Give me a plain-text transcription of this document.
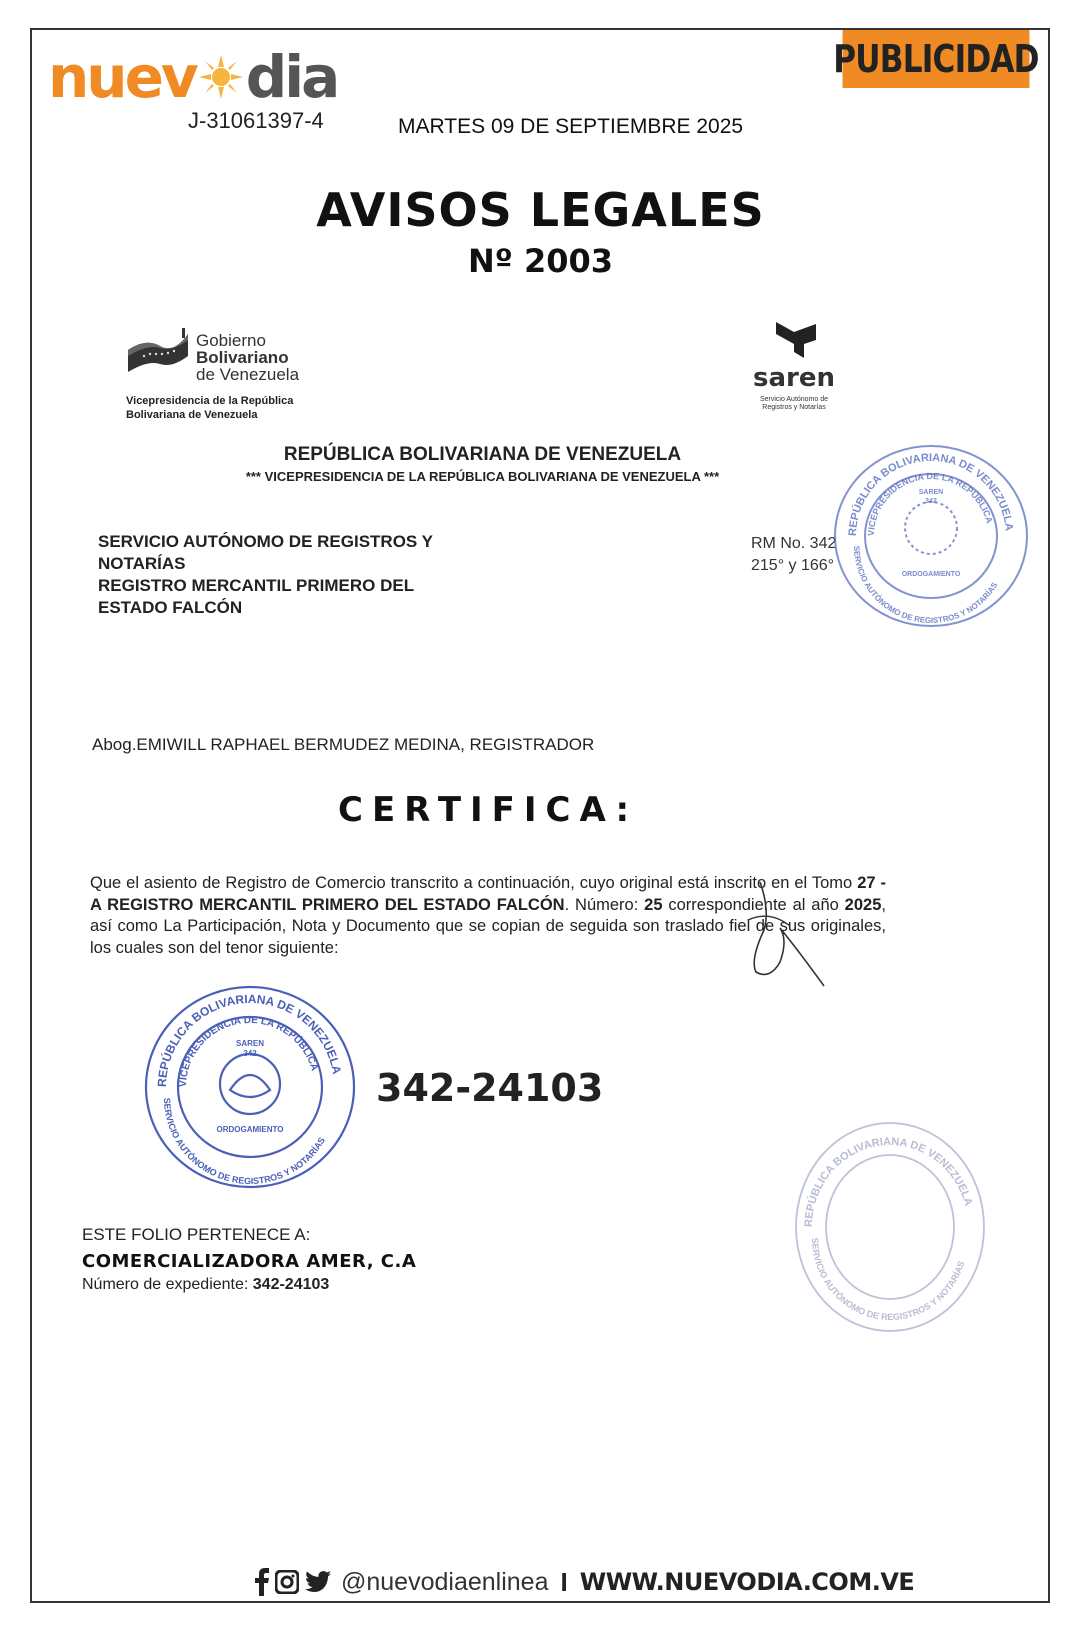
PUBLICIDAD
nuev dia
J-31061397-4	MARTES 09 DE SEPTIEMBRE 2025
AVISOS LEGALES
Nº 2003
Gobierno
Bolivariano
de Venezuela
Vicepresidencia de la República
Bolivariana de Venezuela
saren
Servicio Autónomo de
Registros y Notarías
REPÚBLICA BOLIVARIANA DE VENEZUELA
*** VICEPRESIDENCIA DE LA REPÚBLICA BOLIVARIANA DE VENEZUELA ***
SERVICIO AUTÓNOMO DE REGISTROS Y
NOTARÍAS
REGISTRO MERCANTIL PRIMERO DEL
ESTADO FALCÓN
RM No. 342
215° y 166°
REPÚBLICA BOLIVARIANA DE VENEZUELA
VICEPRESIDENCIA DE LA REPÚBLICA
SERVICIO AUTÓNOMO DE REGISTROS Y NOTARÍAS
SAREN
342
ORDOGAMIENTO
Abog.EMIWILL RAPHAEL BERMUDEZ MEDINA, REGISTRADOR
CERTIFICA:
Que el asiento de Registro de Comercio transcrito a continuación, cuyo original está inscrito en el Tomo 27 - A REGISTRO MERCANTIL PRIMERO DEL ESTADO FALCÓN. Número: 25 correspondiente al año 2025, así como La Participación, Nota y Documento que se copian de seguida son traslado fiel de sus originales, los cuales son del tenor siguiente:
REPÚBLICA BOLIVARIANA DE VENEZUELA
VICEPRESIDENCIA DE LA REPÚBLICA
SERVICIO AUTÓNOMO DE REGISTROS Y NOTARÍAS
SAREN
342
ORDOGAMIENTO
342-24103
REPÚBLICA BOLIVARIANA DE VENEZUELA
SERVICIO AUTÓNOMO DE REGISTROS Y NOTARÍAS
ESTE FOLIO PERTENECE A:
COMERCIALIZADORA AMER, C.A
Número de expediente: 342-24103
@nuevodiaenlinea I WWW.NUEVODIA.COM.VE
